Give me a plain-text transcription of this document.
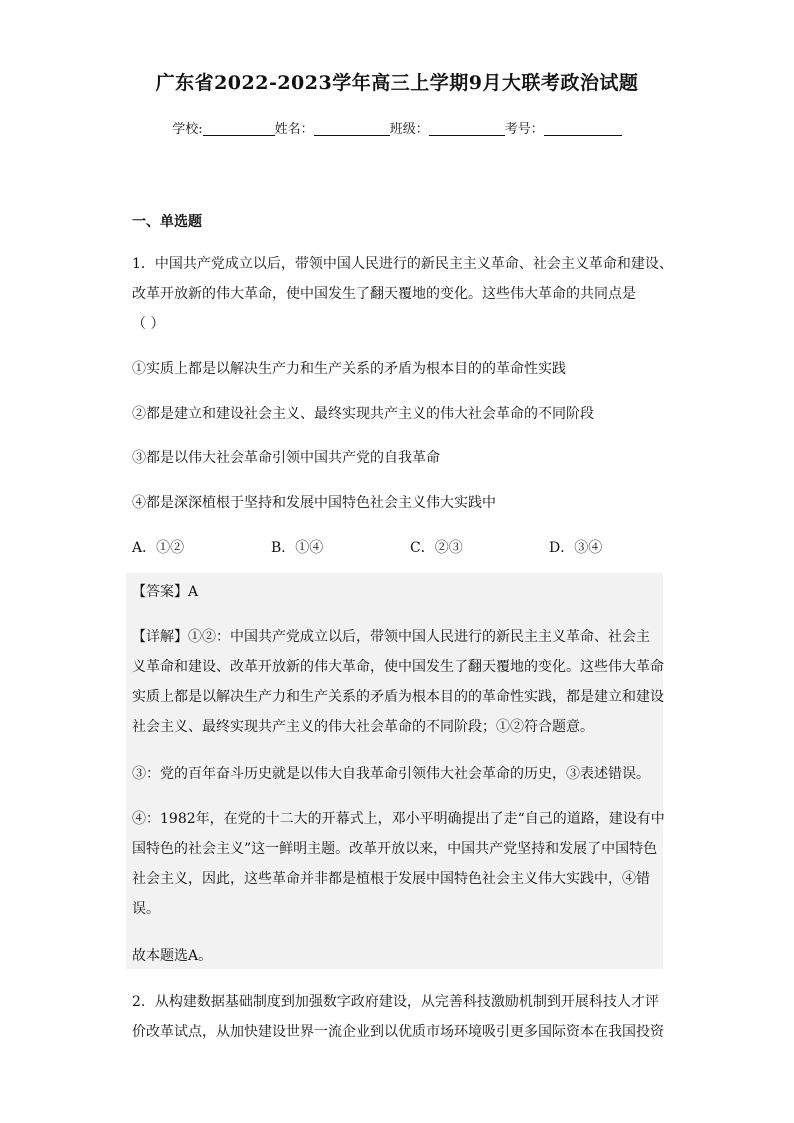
广东省2022-2023学年高三上学期9月大联考政治试题
学校:	姓名：	班级：	考号：
一、单选题
1．中国共产党成立以后，带领中国人民进行的新民主主义革命、社会主义革命和建设、
改革开放新的伟大革命，使中国发生了翻天覆地的变化。这些伟大革命的共同点是
（ ）
①实质上都是以解决生产力和生产关系的矛盾为根本目的的革命性实践
②都是建立和建设社会主义、最终实现共产主义的伟大社会革命的不同阶段
③都是以伟大社会革命引领中国共产党的自我革命
④都是深深植根于坚持和发展中国特色社会主义伟大实践中
A．①②	B．①④	C．②③	D．③④
【答案】A
【详解】①②：中国共产党成立以后，带领中国人民进行的新民主主义革命、社会主
义革命和建设、改革开放新的伟大革命，使中国发生了翻天覆地的变化。这些伟大革命
实质上都是以解决生产力和生产关系的矛盾为根本目的的革命性实践，都是建立和建设
社会主义、最终实现共产主义的伟大社会革命的不同阶段；①②符合题意。
③：党的百年奋斗历史就是以伟大自我革命引领伟大社会革命的历史，③表述错误。
④：1982年，在党的十二大的开幕式上，邓小平明确提出了走“自己的道路，建设有中
国特色的社会主义”这一鲜明主题。改革开放以来，中国共产党坚持和发展了中国特色
社会主义，因此，这些革命并非都是植根于发展中国特色社会主义伟大实践中，④错
误。
故本题选A。
2．从构建数据基础制度到加强数字政府建设，从完善科技激励机制到开展科技人才评
价改革试点，从加快建设世界一流企业到以优质市场环境吸引更多国际资本在我国投资
